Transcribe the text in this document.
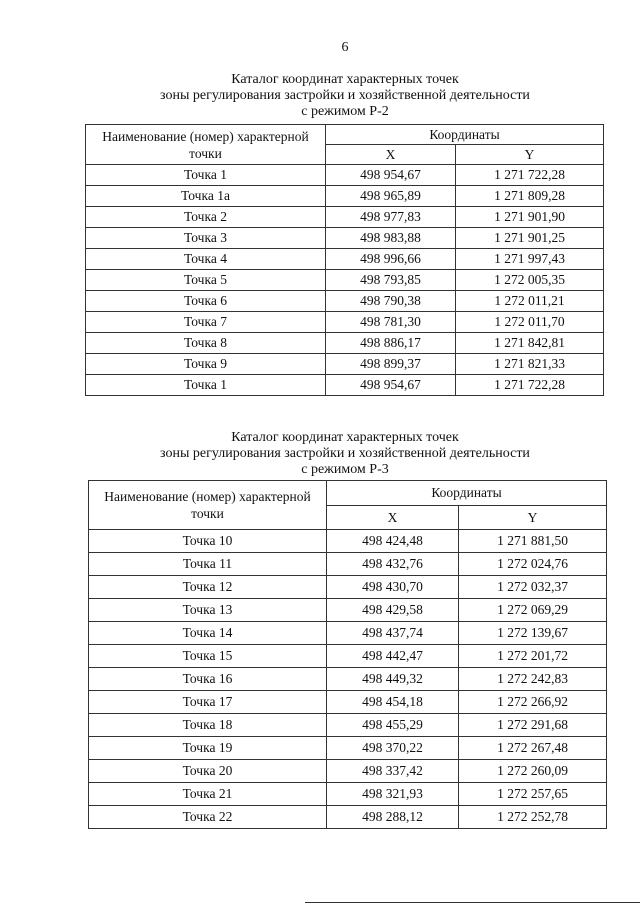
6
Каталог координат характерных точек
зоны регулирования застройки и хозяйственной деятельности
с режимом Р-2
Наименование (номер) характерной
точки	Координаты	
	X	Y
Точка 1	498 954,67	1 271 722,28
Точка 1а	498 965,89	1 271 809,28
Точка 2	498 977,83	1 271 901,90
Точка 3	498 983,88	1 271 901,25
Точка 4	498 996,66	1 271 997,43
Точка 5	498 793,85	1 272 005,35
Точка 6	498 790,38	1 272 011,21
Точка 7	498 781,30	1 272 011,70
Точка 8	498 886,17	1 271 842,81
Точка 9	498 899,37	1 271 821,33
Точка 1	498 954,67	1 271 722,28
Каталог координат характерных точек
зоны регулирования застройки и хозяйственной деятельности
с режимом Р-3
Наименование (номер) характерной
точки	Координаты	
	X	Y
Точка 10	498 424,48	1 271 881,50
Точка 11	498 432,76	1 272 024,76
Точка 12	498 430,70	1 272 032,37
Точка 13	498 429,58	1 272 069,29
Точка 14	498 437,74	1 272 139,67
Точка 15	498 442,47	1 272 201,72
Точка 16	498 449,32	1 272 242,83
Точка 17	498 454,18	1 272 266,92
Точка 18	498 455,29	1 272 291,68
Точка 19	498 370,22	1 272 267,48
Точка 20	498 337,42	1 272 260,09
Точка 21	498 321,93	1 272 257,65
Точка 22	498 288,12	1 272 252,78
